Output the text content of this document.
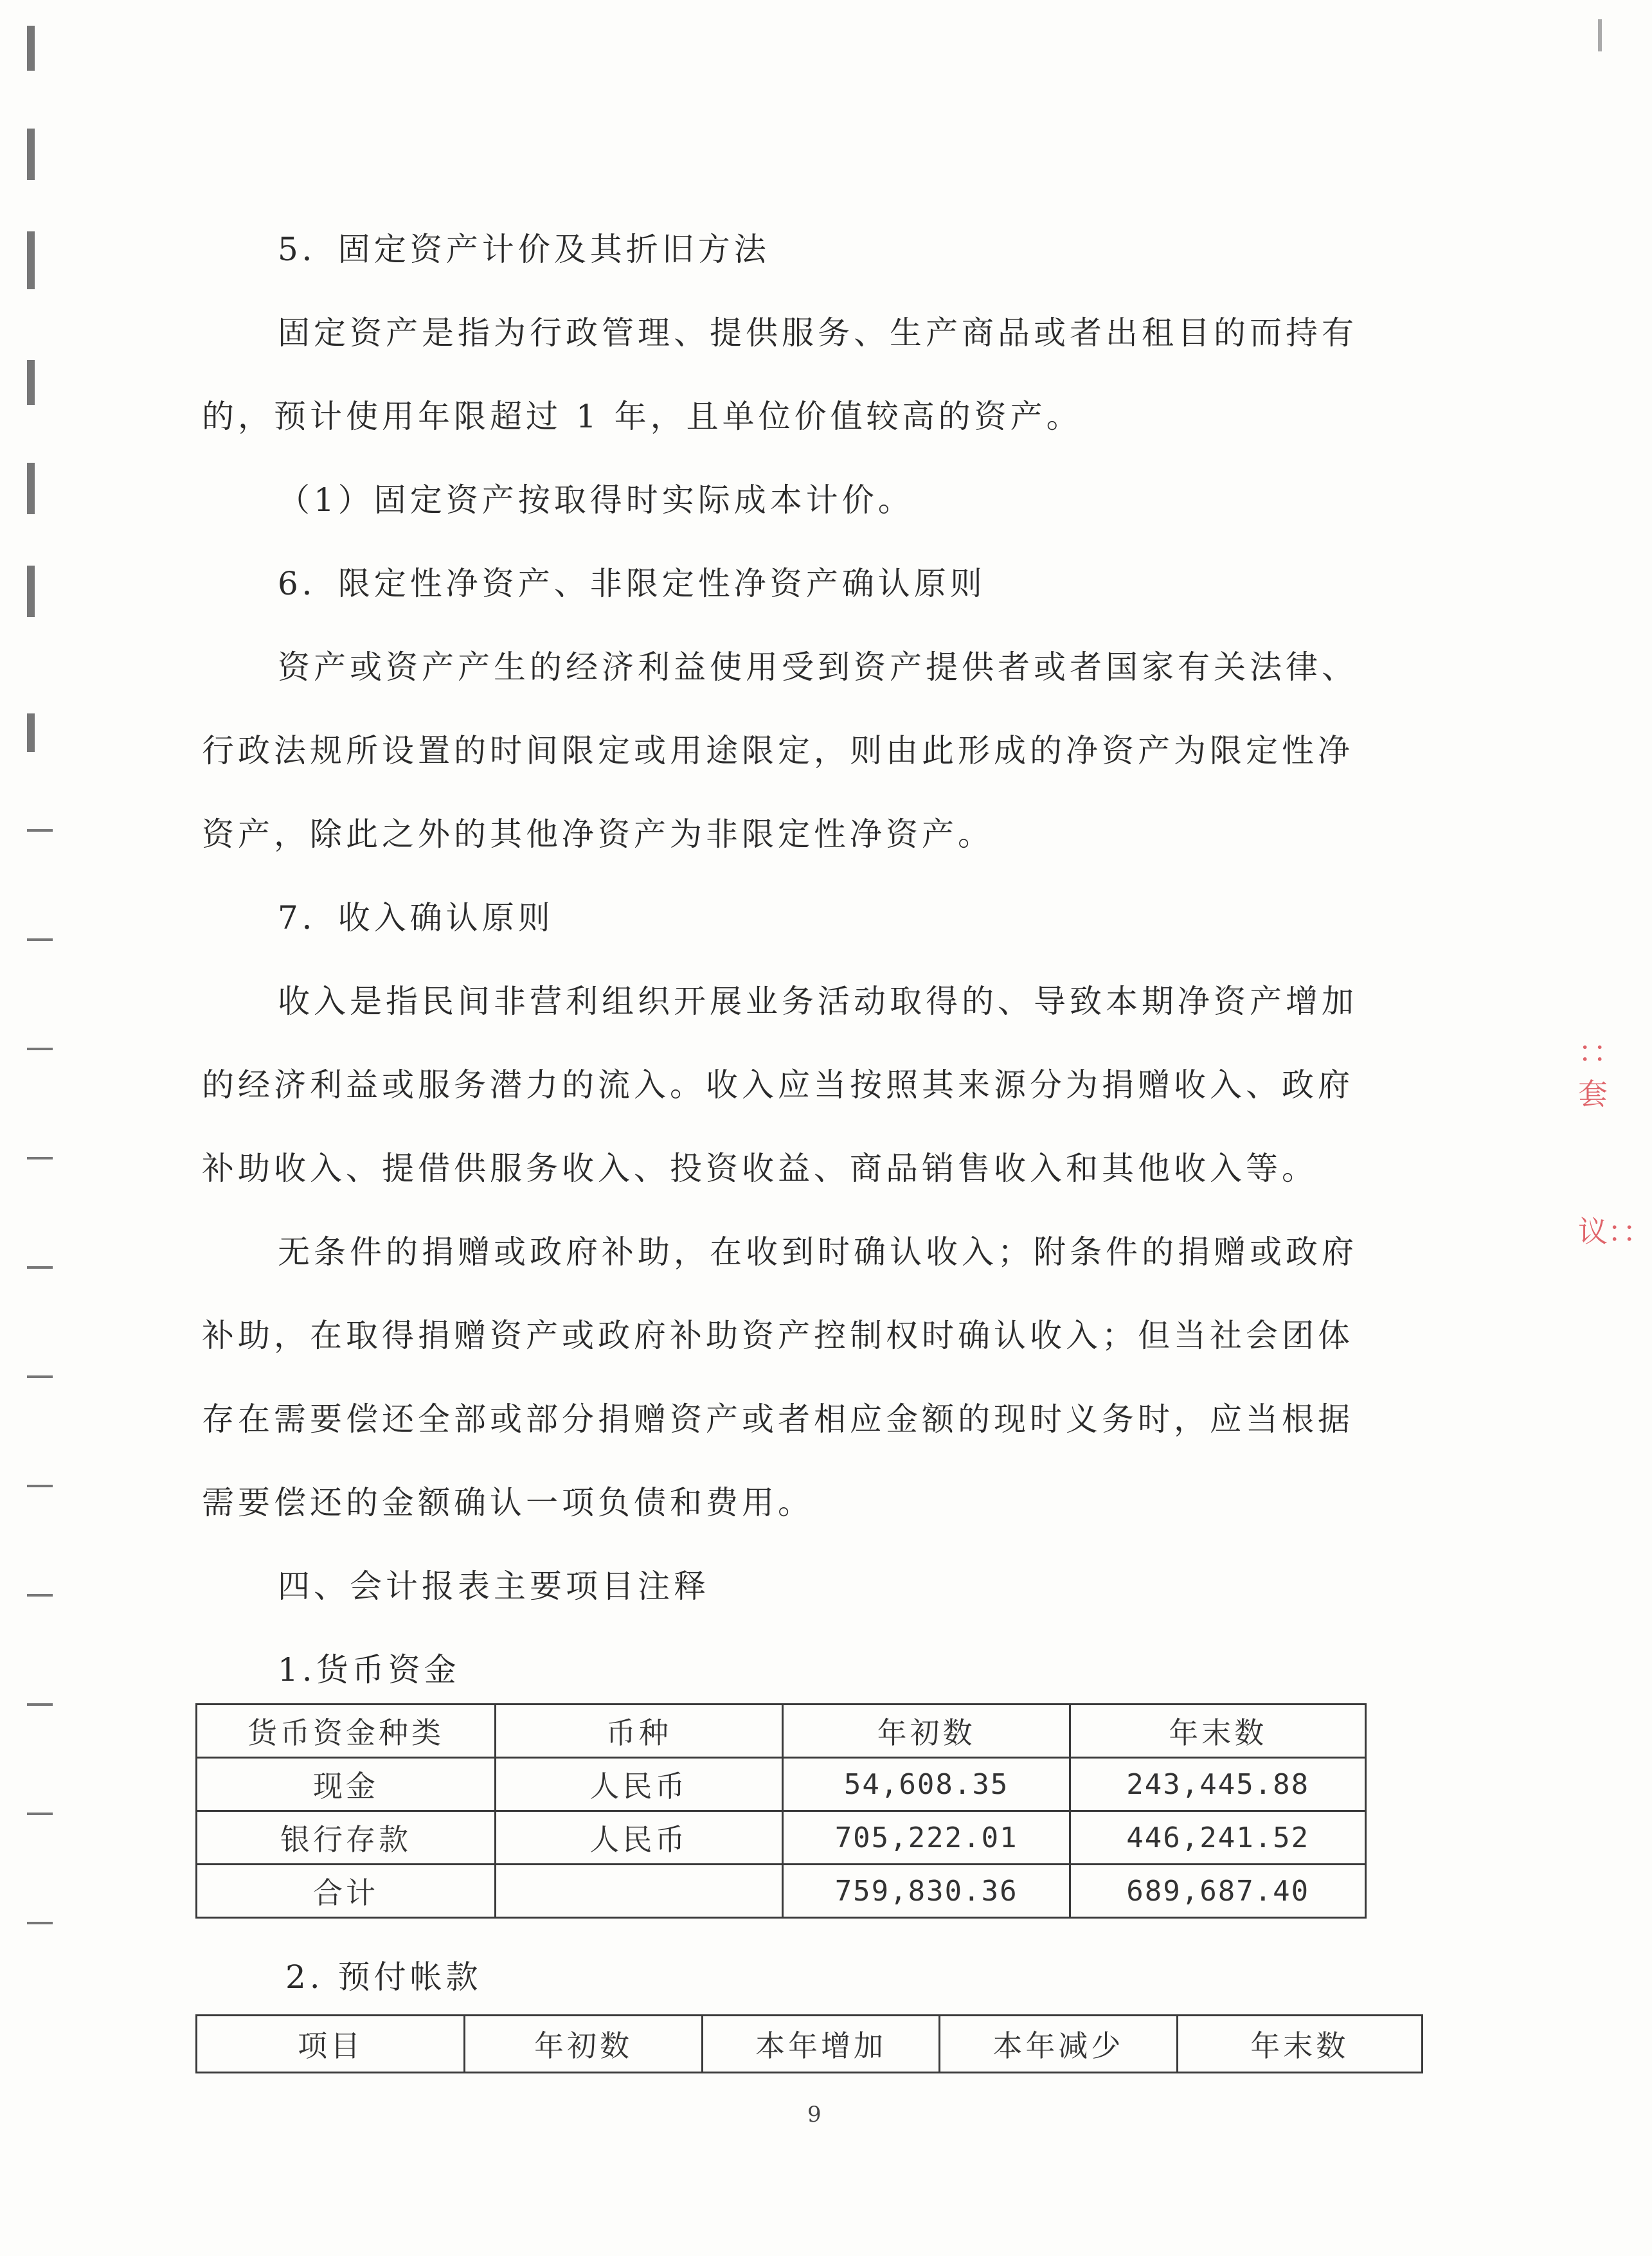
：：套
议：：
5．固定资产计价及其折旧方法
固定资产是指为行政管理、提供服务、生产商品或者出租目的而持有
的，预计使用年限超过 1 年，且单位价值较高的资产。
（1）固定资产按取得时实际成本计价。
6．限定性净资产、非限定性净资产确认原则
资产或资产产生的经济利益使用受到资产提供者或者国家有关法律、
行政法规所设置的时间限定或用途限定，则由此形成的净资产为限定性净
资产，除此之外的其他净资产为非限定性净资产。
7．收入确认原则
收入是指民间非营利组织开展业务活动取得的、导致本期净资产增加
的经济利益或服务潜力的流入。收入应当按照其来源分为捐赠收入、政府
补助收入、提借供服务收入、投资收益、商品销售收入和其他收入等。
无条件的捐赠或政府补助，在收到时确认收入；附条件的捐赠或政府
补助，在取得捐赠资产或政府补助资产控制权时确认收入；但当社会团体
存在需要偿还全部或部分捐赠资产或者相应金额的现时义务时，应当根据
需要偿还的金额确认一项负债和费用。
四、会计报表主要项目注释
1.货币资金
货币资金种类	币种	年初数	年末数
现金	人民币	54,608.35	243,445.88
银行存款	人民币	705,222.01	446,241.52
合计		759,830.36	689,687.40
2. 预付帐款
项目	年初数	本年增加	本年减少	年末数
9
